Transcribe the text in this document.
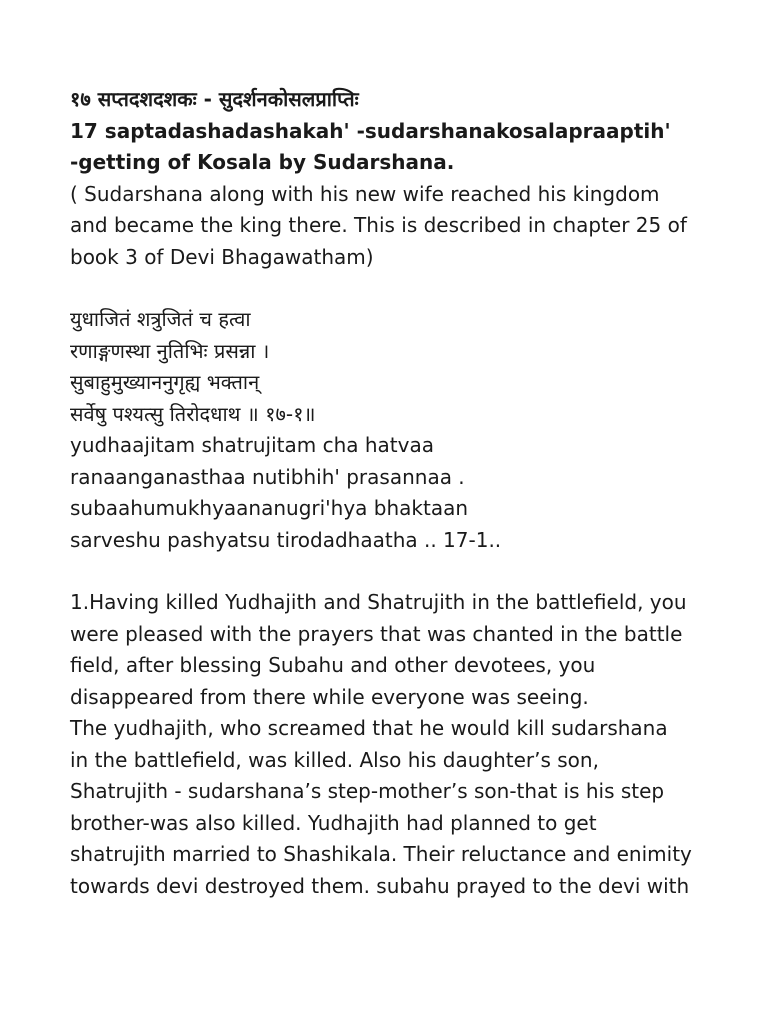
१७ सप्तदशदशकः - सुदर्शनकोसलप्राप्तिः
17 saptadashadashakah' -sudarshanakosalapraaptih'
-getting of Kosala by Sudarshana.
( Sudarshana along with his new wife reached his kingdom
and became the king there. This is described in chapter 25 of
book 3 of Devi Bhagawatham)
युधाजितं शत्रुजितं च हत्वा
रणाङ्गणस्था नुतिभिः प्रसन्ना ।
सुबाहुमुख्याननुगृह्य भक्तान्
सर्वेषु पश्यत्सु तिरोदधाथ ॥ १७-१॥
yudhaajitam shatrujitam cha hatvaa
ranaanganasthaa nutibhih' prasannaa .
subaahumukhyaananugri'hya bhaktaan
sarveshu pashyatsu tirodadhaatha .. 17-1..
1.Having killed Yudhajith and Shatrujith in the battlefield, you
were pleased with the prayers that was chanted in the battle
field, after blessing Subahu and other devotees, you
disappeared from there while everyone was seeing.
The yudhajith, who screamed that he would kill sudarshana
in the battlefield, was killed. Also his daughter’s son,
Shatrujith - sudarshana’s step-mother’s son-that is his step
brother-was also killed. Yudhajith had planned to get
shatrujith married to Shashikala. Their reluctance and enimity
towards devi destroyed them. subahu prayed to the devi with
